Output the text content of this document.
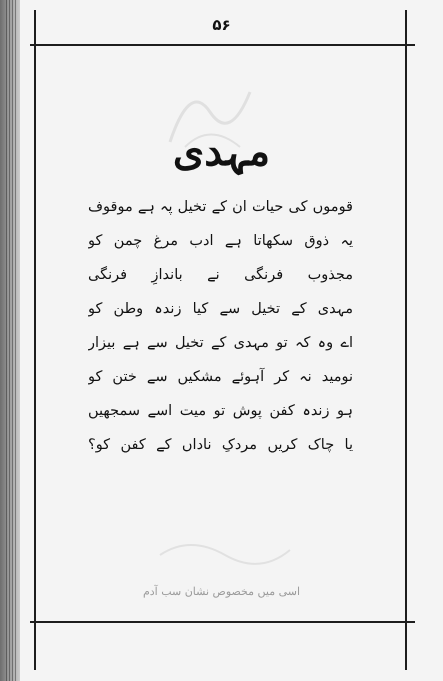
۵۶
مہدی
قوموں کی حیات ان کے تخیل پہ ہے موقوف
یہ ذوق سکھاتا ہے ادب مرغ چمن کو
مجذوب فرنگی نے باندازِ فرنگی
مہدی کے تخیل سے کیا زندہ وطن کو
اے وہ کہ تو مہدی کے تخیل سے ہے بیزار
نومید نہ کر آہوئے مشکیں سے ختن کو
ہو زندہ کفن پوش تو میت اسے سمجھیں
یا چاک کریں مردکِ ناداں کے کفن کو؟
اسی میں مخصوص نشان سب آدم
